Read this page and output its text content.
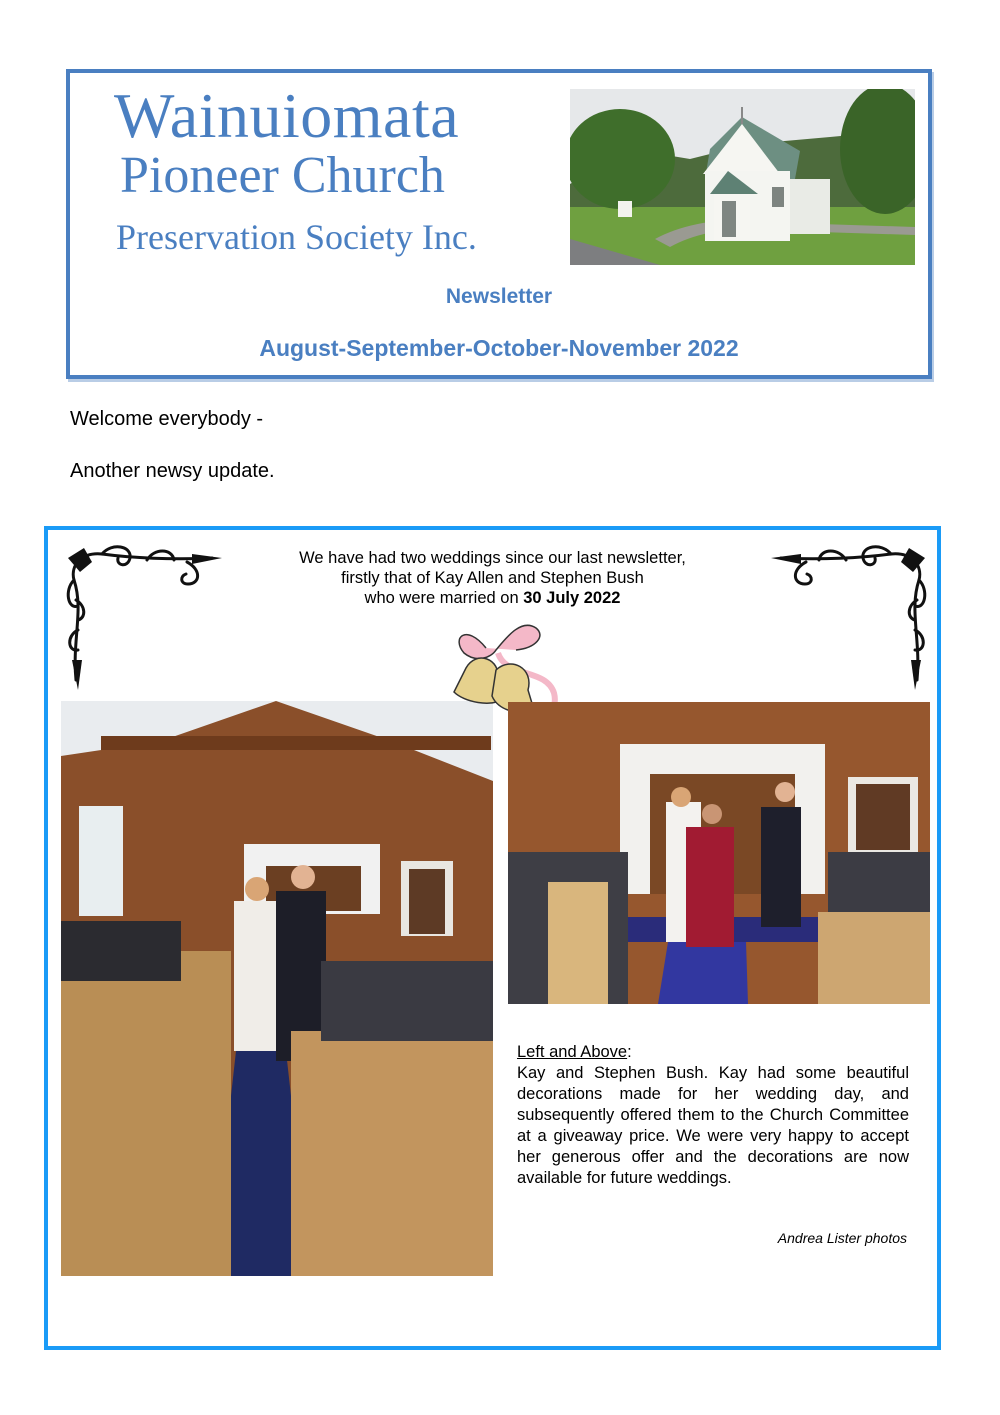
Wainuiomata
Pioneer Church
Preservation Society Inc.
Newsletter
August-September-October-November 2022
Welcome everybody -
Another newsy update.
We have had two weddings since our last newsletter,
firstly that of Kay Allen and Stephen Bush
who were married on 30 July 2022
Left and Above:
Kay and Stephen Bush. Kay had some beautiful decorations made for her wedding day, and subsequently offered them to the Church Committee at a giveaway price. We were very happy to accept her generous offer and the decorations are now available for future weddings.
Andrea Lister photos
